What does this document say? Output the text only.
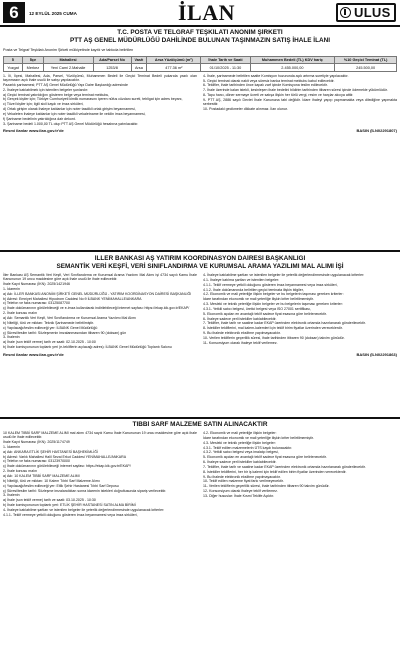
6	12 EYLÜL 2025 CUMA	İLAN	ULUS
T.C. POSTA VE TELGRAF TEŞKİLATI ANONİM ŞİRKETİ
PTT AŞ GENEL MÜDÜRLÜĞÜ DAHİLİNDE BULUNAN TAŞINMAZIN SATIŞ İHALE İLANI
Posta ve Telgraf Teşkilatı Anonim Şirketi mülkiyetinde kayıtlı ve tabloda belirtilen
İl	İlçe	Mahallesi	Ada/Parsel No	Vasfı	Arsa Yüzölçümü (m²)	İhale Tarih ve Saati	Muhammen Bedeli (TL) KDV hariç	%10 Geçici Teminat (TL)
Yozgat	Merkez	Yeni Cami 2.Mahalle	1253/8	Arsa	477.36 m²	01/10/2025 - 11:30	2.455.000,00	245.500,00

1- İli, İlçesi, Mahallesi, Ada, Parsel, Yüzölçümü, Muhammen Bedeli ile Geçici Teminat Bedeli yukarıda yazılı olan taşınmazın açık ihale usulü ile satışı yapılacaktır.

Pazarlık şartnamesi; PTT AŞ Genel Müdürlüğü Yapı Daire Başkanlığı adresinde

2- İhaleye katılabilmek için istenilen belgeler şunlardır:

a) Geçici teminat yatırıldığını gösteren belge veya teminat mektubu,

b) Gerçek kişiler için; Türkiye Cumhuriyeti kimlik numarasını içeren nüfus cüzdanı sureti, tebligat için adres beyanı,

c) Tüzel kişiler için; ilgili sicil kaydı ve imza sirküleri,

d) Ortak girişim olarak ihaleye katılanlar için noter tasdikli ortak girişim beyannamesi,

e) Vekaleten ihaleye katılanlar için noter tasdikli vekaletname ile vekilin imza beyannamesi,

f) Şartname bedelinin yatırıldığına dair dekont.

3- Şartname bedeli 1.000,00 TL olup PTT AŞ Genel Müdürlüğü hesabına yatırılacaktır.

4- İhale, şartnamede belirtilen saatte Komisyon huzurunda açık artırma suretiyle yapılacaktır.

5- Geçici teminat olarak nakit veya süresiz banka teminat mektubu kabul edilecektir.

6- Teklifler, ihale tarihinden önce kapalı zarf içinde Komisyona teslim edilecektir.

7- İhale üzerinde kalan istekli, kesinleşen ihale bedelini bildirim tarihinden itibaren süresi içinde ödemekle yükümlüdür.

8- Tapu harcı, döner sermaye ücreti ve satışa ilişkin her türlü vergi, resim ve harçlar alıcıya aittir.

9- PTT AŞ, 2886 sayılı Devlet İhale Kanununa tabi değildir. İdare ihaleyi yapıp yapmamakta veya dilediğine yapmakta serbesttir.

10- Postadaki gecikmeler dikkate alınmaz. İlan olunur.

Resmi ilanlar www.ilan.gov.tr'de	BASIN (İLN02291807)
İLLER BANKASI AŞ YATIRIM KOORDİNASYON DAİRESİ BAŞKANLIĞI
SEMANTİK VERİ KEŞFİ, VERİ SINIFLANDIRMA VE KURUMSAL ARAMA YAZILIMI MAL ALIMI İŞİ

İller Bankası AŞ Semantik Veri Keşfi, Veri Sınıflandırma ve Kurumsal Arama Yazılımı Mal Alımı işi 4734 sayılı Kamu İhale Kanununun 19 uncu maddesine göre açık ihale usulü ile ihale edilecektir.

İhale Kayıt Numarası (İKN): 2025/1421946

1- İdarenin

a) Adı: İLLER BANKASI ANONİM ŞİRKETİ GENEL MÜDÜRLÜĞÜ - YATIRIM KOORDİNASYON DAİRESİ BAŞKANLIĞI

b) Adresi: Emniyet Mahallesi Hipodrom Caddesi No:9 İLBANK YENİMAHALLE/ANKARA

c) Telefon ve faks numarası: 03125087700

ç) İhale dokümanının görülebileceği ve e-imza kullanılarak indirilebileceği internet sayfası: https://ekap.kik.gov.tr/EKAP/

2- İhale konusu malın

a) Adı: Semantik Veri Keşfi, Veri Sınıflandırma ve Kurumsal Arama Yazılımı Mal Alımı

b) Niteliği, türü ve miktarı: Teknik Şartnamede belirtilmiştir.

c) Yapılacağı/teslim edileceği yer: İLBANK Genel Müdürlüğü

ç) Süresi/teslim tarihi: Sözleşmenin imzalanmasından itibaren 90 (doksan) gün

3- İhalenin

a) İhale (son teklif verme) tarih ve saati: 02.10.2025 - 10:00

b) İhale komisyonunun toplantı yeri (e-tekliflerin açılacağı adres): İLBANK Genel Müdürlüğü Toplantı Salonu

4- İhaleye katılabilme şartları ve istenilen belgeler ile yeterlik değerlendirmesinde uygulanacak kriterler:

4.1- İhaleye katılma şartları ve istenilen belgeler:

4.1.1- Teklif vermeye yetkili olduğunu gösteren imza beyannamesi veya imza sirküleri,

4.1.2- İhale dokümanında belirtilen geçici teminata ilişkin bilgiler,

4.2- Ekonomik ve mali yeterliğe ilişkin belgeler ve bu belgelerin taşıması gereken kriterler:

İdare tarafından ekonomik ve mali yeterliğe ilişkin kriter belirtilmemiştir.

4.3- Mesleki ve teknik yeterliğe ilişkin belgeler ve bu belgelerin taşıması gereken kriterler:

4.3.1- Yetkili satıcı belgesi, üretici belgesi veya ISO 27001 sertifikası,

5- Ekonomik açıdan en avantajlı teklif sadece fiyat esasına göre belirlenecektir.

6- İhaleye sadece yerli istekliler katılabilecektir.

7- Teklifler, ihale tarih ve saatine kadar EKAP üzerinden elektronik ortamda hazırlanarak gönderilecektir.

8- İstekliler tekliflerini, mal kalem-kalemleri için teklif birim fiyatlar üzerinden vereceklerdir.

9- Bu ihalede elektronik eksiltme yapılmayacaktır.

10- Verilen tekliflerin geçerlilik süresi, ihale tarihinden itibaren 90 (doksan) takvim günüdür.

11- Konsorsiyum olarak ihaleye teklif verilemez.

Resmi ilanlar www.ilan.gov.tr'de	BASIN (İLN02291863)
TIBBİ SARF MALZEME SATIN ALINACAKTIR

10 KALEM TIBBİ SARF MALZEME ALIMI mal alımı 4734 sayılı Kamu İhale Kanununun 19 uncu maddesine göre açık ihale usulü ile ihale edilecektir.

İhale Kayıt Numarası (İKN): 2025/1174749

1- İdarenin

a) Adı: ANKARA ETLİK ŞEHİR HASTANESİ BAŞHEKİMLİĞİ

b) Adresi: Varlık Mahallesi Halil Sezai Erkut Caddesi YENİMAHALLE/ANKARA

c) Telefon ve faks numarası: 03123970000

ç) İhale dokümanının görülebileceği internet sayfası: https://ekap.kik.gov.tr/EKAP/

2- İhale konusu malın

a) Adı: 10 KALEM TIBBİ SARF MALZEME ALIMI

b) Niteliği, türü ve miktarı: 10 Kalem Tıbbi Sarf Malzeme Alımı

c) Yapılacağı/teslim edileceği yer: Etlik Şehir Hastanesi Tıbbi Sarf Deposu

ç) Süresi/teslim tarihi: Sözleşme imzalandıktan sonra idarenin istekleri doğrultusunda sipariş verilecektir.

3- İhalenin

a) İhale (son teklif verme) tarih ve saati: 03.10.2025 - 10:30

b) İhale komisyonunun toplantı yeri: ETLİK ŞEHİR HASTANESİ SATIN ALMA BİRİMİ

4- İhaleye katılabilme şartları ve istenilen belgeler ile yeterlik değerlendirmesinde uygulanacak kriterler:

4.1.1- Teklif vermeye yetkili olduğunu gösteren imza beyannamesi veya imza sirküleri,

4.2- Ekonomik ve mali yeterliğe ilişkin belgeler:

İdare tarafından ekonomik ve mali yeterliğe ilişkin kriter belirtilmemiştir.

4.3- Mesleki ve teknik yeterliğe ilişkin belgeler:

4.3.1- Teklif edilen malzemelerin ÜTS kaydı bulunacaktır.

4.3.2- Yetkili satıcı belgesi veya imalatçı belgesi,

5- Ekonomik açıdan en avantajlı teklif sadece fiyat esasına göre belirlenecektir.

6- İhaleye sadece yerli istekliler katılabilecektir.

7- Teklifler, ihale tarih ve saatine kadar EKAP üzerinden elektronik ortamda hazırlanarak gönderilecektir.

8- İstekliler tekliflerini, her bir iş kalemi için teklif edilen birim fiyatlar üzerinden vereceklerdir.

9- Bu ihalede elektronik eksiltme yapılmayacaktır.

10- Teklif edilen malzeme fiyat farkı verilmeyecektir.

11- Verilen tekliflerin geçerlilik süresi, ihale tarihinden itibaren 90 takvim günüdür.

12- Konsorsiyum olarak ihaleye teklif verilemez.

13- Diğer hususlar: İhale Kısmi Teklife Açıktır.
